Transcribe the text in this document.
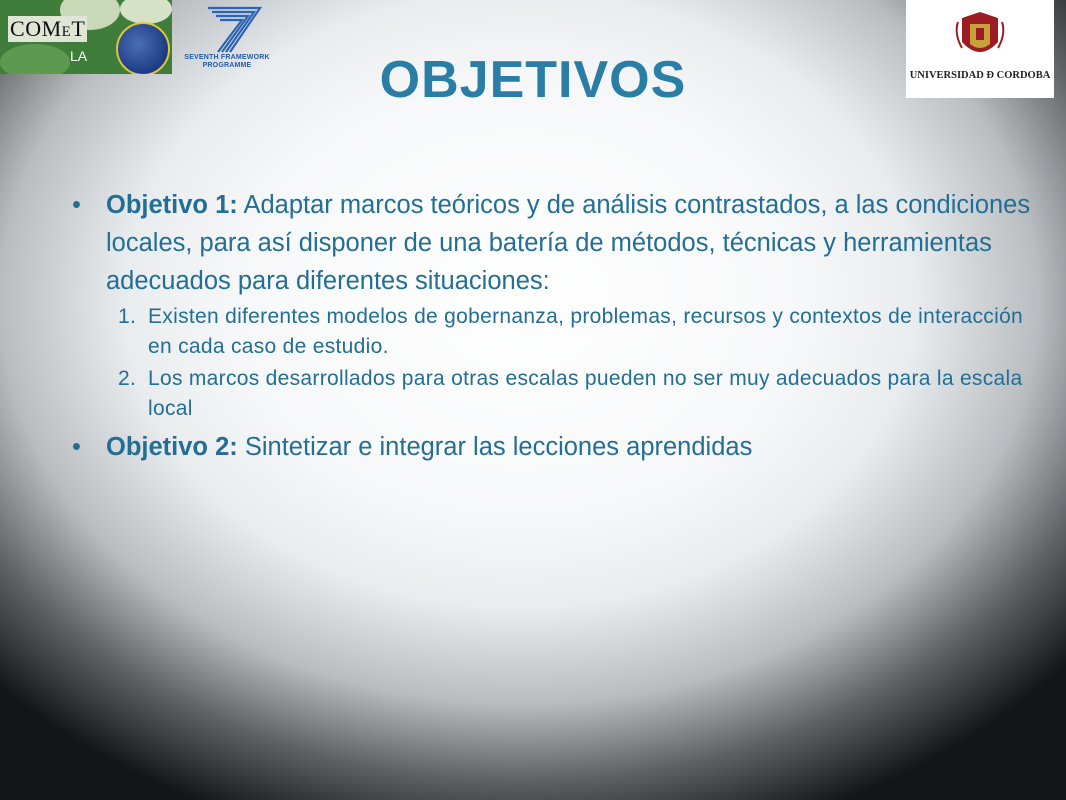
COMET
LA	SEVENTH FRAMEWORK
PROGRAMME
UNIVERSIDAD Ð CORDOBA
OBJETIVOS
• Objetivo 1: Adaptar marcos teóricos y de análisis contrastados, a las condiciones locales, para así disponer de una batería de métodos, técnicas y herramientas adecuados para diferentes situaciones:
1. Existen diferentes modelos de gobernanza, problemas, recursos y contextos de interacción en cada caso de estudio.
2. Los marcos desarrollados para otras escalas pueden no ser muy adecuados para la escala local
• Objetivo 2: Sintetizar e integrar las lecciones aprendidas
